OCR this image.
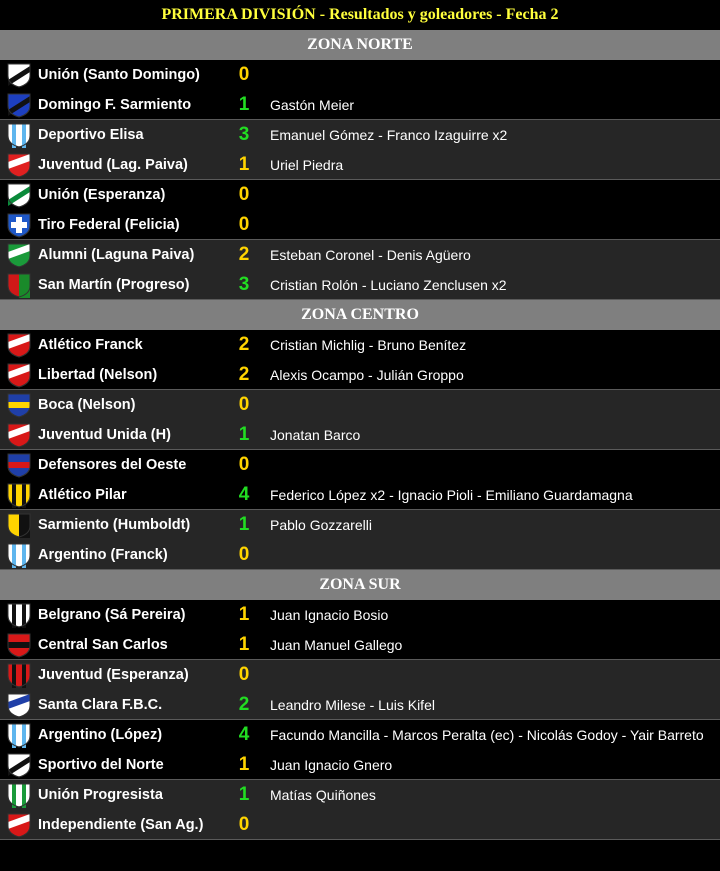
PRIMERA DIVISIÓN - Resultados y goleadores - Fecha 2
ZONA NORTE
Unión (Santo Domingo)	0
Domingo F. Sarmiento	1	Gastón Meier
Deportivo Elisa	3	Emanuel Gómez - Franco Izaguirre x2
Juventud (Lag. Paiva)	1	Uriel Piedra
Unión (Esperanza)	0
Tiro Federal (Felicia)	0
Alumni (Laguna Paiva)	2	Esteban Coronel - Denis Agüero
San Martín (Progreso)	3	Cristian Rolón - Luciano Zenclusen x2
ZONA CENTRO
Atlético Franck	2	Cristian Michlig - Bruno Benítez
Libertad (Nelson)	2	Alexis Ocampo - Julián Groppo
Boca (Nelson)	0
Juventud Unida (H)	1	Jonatan Barco
Defensores del Oeste	0
Atlético Pilar	4	Federico López x2 - Ignacio Pioli - Emiliano Guardamagna
Sarmiento (Humboldt)	1	Pablo Gozzarelli
Argentino (Franck)	0
ZONA SUR
Belgrano (Sá Pereira)	1	Juan Ignacio Bosio
Central San Carlos	1	Juan Manuel Gallego
Juventud (Esperanza)	0
Santa Clara F.B.C.	2	Leandro Milese - Luis Kifel
Argentino (López)	4	Facundo Mancilla - Marcos Peralta (ec) - Nicolás Godoy - Yair Barreto
Sportivo del Norte	1	Juan Ignacio Gnero
Unión Progresista	1	Matías Quiñones
Independiente (San Ag.)	0
